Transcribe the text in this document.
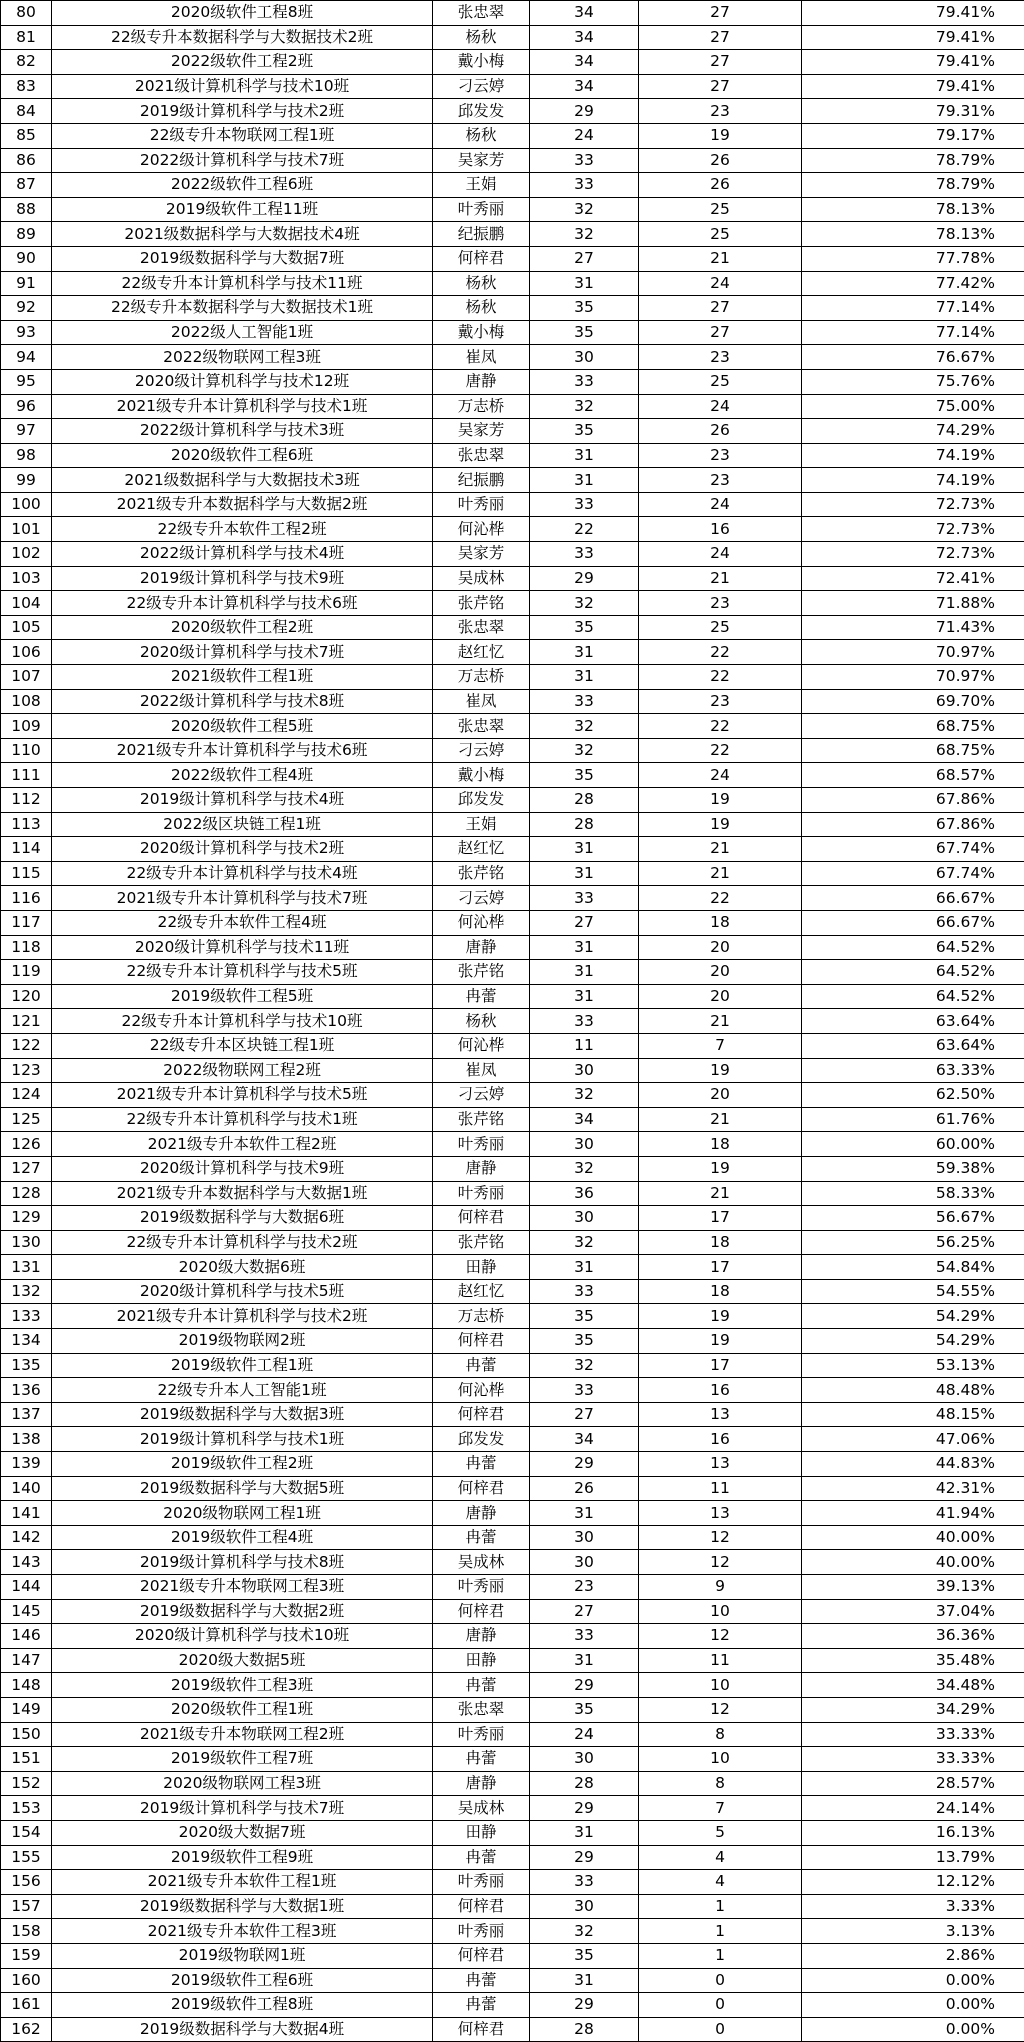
80	2020级软件工程8班	张忠翠	34	27	79.41%
81	22级专升本数据科学与大数据技术2班	杨秋	34	27	79.41%
82	2022级软件工程2班	戴小梅	34	27	79.41%
83	2021级计算机科学与技术10班	刁云婷	34	27	79.41%
84	2019级计算机科学与技术2班	邱发发	29	23	79.31%
85	22级专升本物联网工程1班	杨秋	24	19	79.17%
86	2022级计算机科学与技术7班	吴家芳	33	26	78.79%
87	2022级软件工程6班	王娟	33	26	78.79%
88	2019级软件工程11班	叶秀丽	32	25	78.13%
89	2021级数据科学与大数据技术4班	纪振鹏	32	25	78.13%
90	2019级数据科学与大数据7班	何梓君	27	21	77.78%
91	22级专升本计算机科学与技术11班	杨秋	31	24	77.42%
92	22级专升本数据科学与大数据技术1班	杨秋	35	27	77.14%
93	2022级人工智能1班	戴小梅	35	27	77.14%
94	2022级物联网工程3班	崔凤	30	23	76.67%
95	2020级计算机科学与技术12班	唐静	33	25	75.76%
96	2021级专升本计算机科学与技术1班	万志桥	32	24	75.00%
97	2022级计算机科学与技术3班	吴家芳	35	26	74.29%
98	2020级软件工程6班	张忠翠	31	23	74.19%
99	2021级数据科学与大数据技术3班	纪振鹏	31	23	74.19%
100	2021级专升本数据科学与大数据2班	叶秀丽	33	24	72.73%
101	22级专升本软件工程2班	何沁桦	22	16	72.73%
102	2022级计算机科学与技术4班	吴家芳	33	24	72.73%
103	2019级计算机科学与技术9班	吴成林	29	21	72.41%
104	22级专升本计算机科学与技术6班	张芹铭	32	23	71.88%
105	2020级软件工程2班	张忠翠	35	25	71.43%
106	2020级计算机科学与技术7班	赵红忆	31	22	70.97%
107	2021级软件工程1班	万志桥	31	22	70.97%
108	2022级计算机科学与技术8班	崔凤	33	23	69.70%
109	2020级软件工程5班	张忠翠	32	22	68.75%
110	2021级专升本计算机科学与技术6班	刁云婷	32	22	68.75%
111	2022级软件工程4班	戴小梅	35	24	68.57%
112	2019级计算机科学与技术4班	邱发发	28	19	67.86%
113	2022级区块链工程1班	王娟	28	19	67.86%
114	2020级计算机科学与技术2班	赵红忆	31	21	67.74%
115	22级专升本计算机科学与技术4班	张芹铭	31	21	67.74%
116	2021级专升本计算机科学与技术7班	刁云婷	33	22	66.67%
117	22级专升本软件工程4班	何沁桦	27	18	66.67%
118	2020级计算机科学与技术11班	唐静	31	20	64.52%
119	22级专升本计算机科学与技术5班	张芹铭	31	20	64.52%
120	2019级软件工程5班	冉蕾	31	20	64.52%
121	22级专升本计算机科学与技术10班	杨秋	33	21	63.64%
122	22级专升本区块链工程1班	何沁桦	11	7	63.64%
123	2022级物联网工程2班	崔凤	30	19	63.33%
124	2021级专升本计算机科学与技术5班	刁云婷	32	20	62.50%
125	22级专升本计算机科学与技术1班	张芹铭	34	21	61.76%
126	2021级专升本软件工程2班	叶秀丽	30	18	60.00%
127	2020级计算机科学与技术9班	唐静	32	19	59.38%
128	2021级专升本数据科学与大数据1班	叶秀丽	36	21	58.33%
129	2019级数据科学与大数据6班	何梓君	30	17	56.67%
130	22级专升本计算机科学与技术2班	张芹铭	32	18	56.25%
131	2020级大数据6班	田静	31	17	54.84%
132	2020级计算机科学与技术5班	赵红忆	33	18	54.55%
133	2021级专升本计算机科学与技术2班	万志桥	35	19	54.29%
134	2019级物联网2班	何梓君	35	19	54.29%
135	2019级软件工程1班	冉蕾	32	17	53.13%
136	22级专升本人工智能1班	何沁桦	33	16	48.48%
137	2019级数据科学与大数据3班	何梓君	27	13	48.15%
138	2019级计算机科学与技术1班	邱发发	34	16	47.06%
139	2019级软件工程2班	冉蕾	29	13	44.83%
140	2019级数据科学与大数据5班	何梓君	26	11	42.31%
141	2020级物联网工程1班	唐静	31	13	41.94%
142	2019级软件工程4班	冉蕾	30	12	40.00%
143	2019级计算机科学与技术8班	吴成林	30	12	40.00%
144	2021级专升本物联网工程3班	叶秀丽	23	9	39.13%
145	2019级数据科学与大数据2班	何梓君	27	10	37.04%
146	2020级计算机科学与技术10班	唐静	33	12	36.36%
147	2020级大数据5班	田静	31	11	35.48%
148	2019级软件工程3班	冉蕾	29	10	34.48%
149	2020级软件工程1班	张忠翠	35	12	34.29%
150	2021级专升本物联网工程2班	叶秀丽	24	8	33.33%
151	2019级软件工程7班	冉蕾	30	10	33.33%
152	2020级物联网工程3班	唐静	28	8	28.57%
153	2019级计算机科学与技术7班	吴成林	29	7	24.14%
154	2020级大数据7班	田静	31	5	16.13%
155	2019级软件工程9班	冉蕾	29	4	13.79%
156	2021级专升本软件工程1班	叶秀丽	33	4	12.12%
157	2019级数据科学与大数据1班	何梓君	30	1	3.33%
158	2021级专升本软件工程3班	叶秀丽	32	1	3.13%
159	2019级物联网1班	何梓君	35	1	2.86%
160	2019级软件工程6班	冉蕾	31	0	0.00%
161	2019级软件工程8班	冉蕾	29	0	0.00%
162	2019级数据科学与大数据4班	何梓君	28	0	0.00%
